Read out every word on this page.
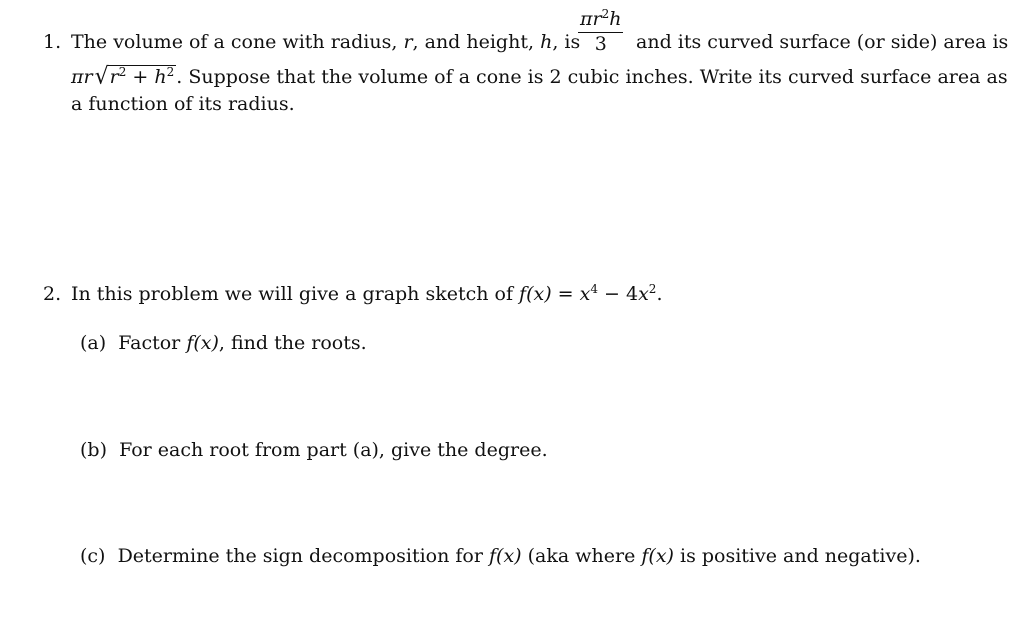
1. The volume of a cone with radius, r, and height, h, is
$\frac{\pi r^2h}{3}$ and its curved surface (or side) area is
$\pi r√r^2 + h^2$ . Suppose that the volume of a cone is 2 cubic inches. Write its curved surface area as
a function of its radius.
2. In this problem we will give a graph sketch of $f(x) = x^4 - 4x^2$.
(a) Factor f(x), find the roots.
(b) For each root from part (a), give the degree.
(c) Determine the sign decomposition for f(x) (aka where f(x) is positive and negative).
